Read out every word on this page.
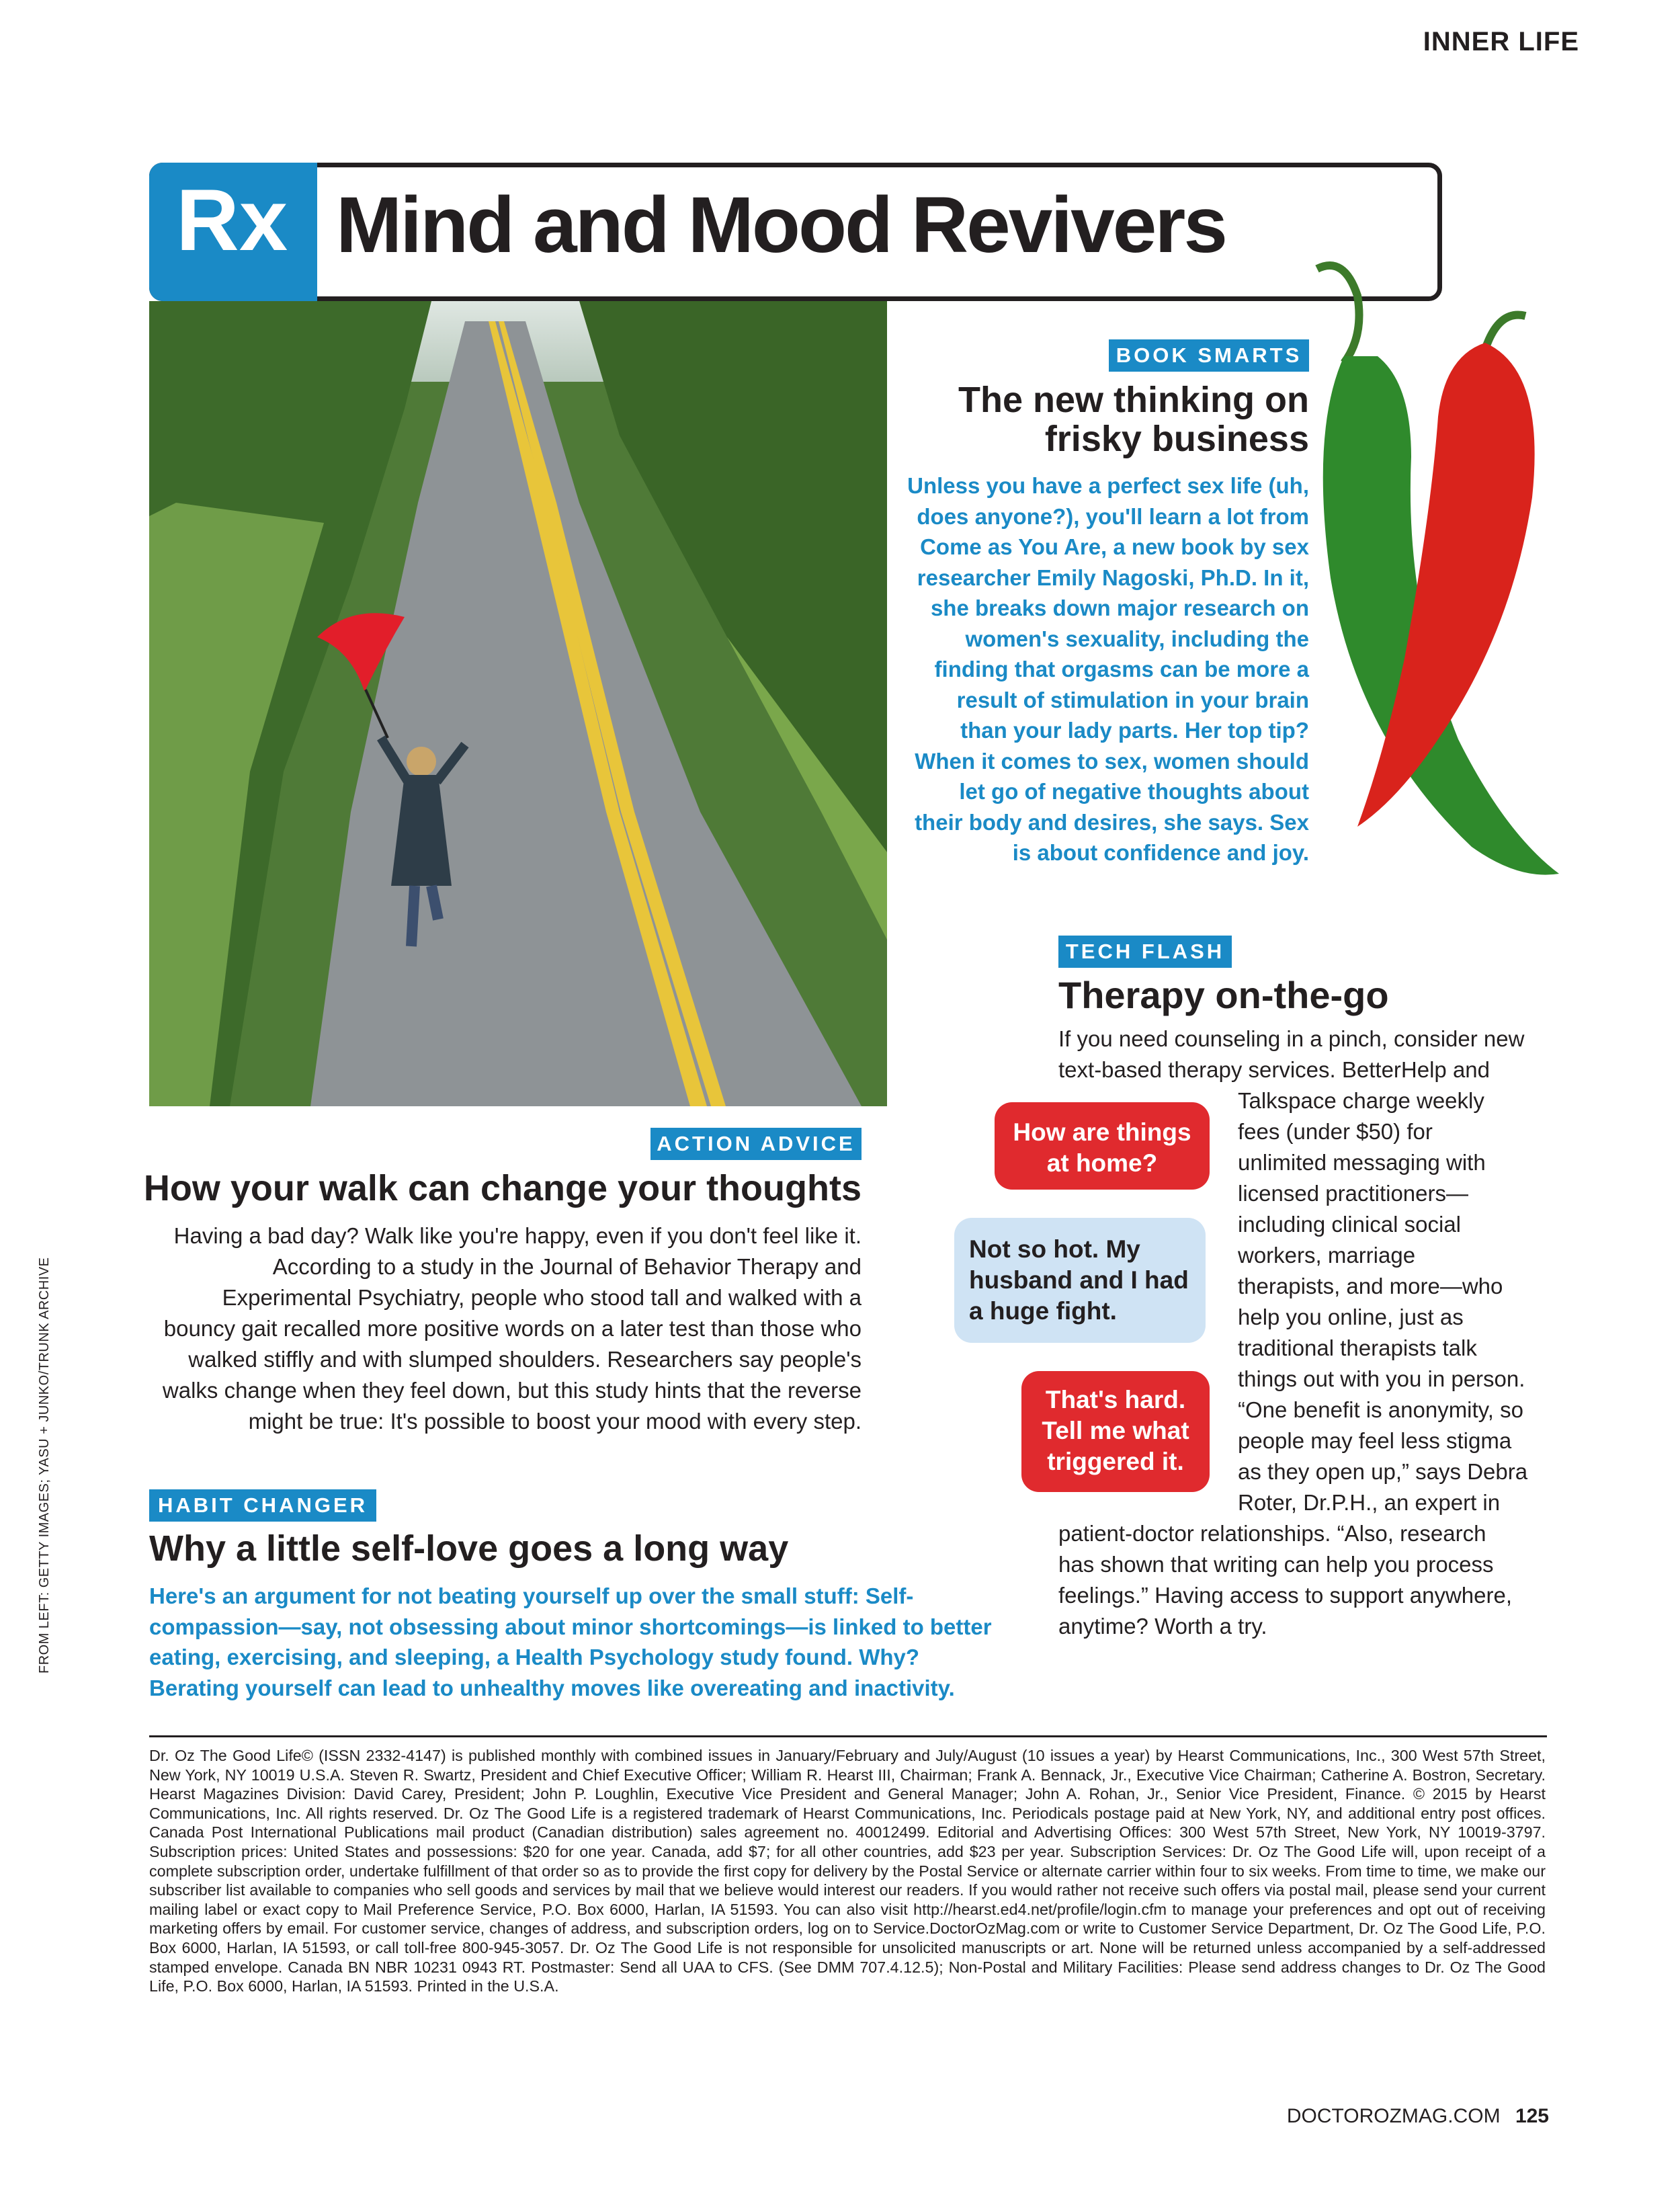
INNER LIFE
Rx Mind and Mood Revivers
BOOK SMARTS
The new thinking on
frisky business
Unless you have a perfect sex life (uh,
does anyone?), you'll learn a lot from
Come as You Are, a new book by sex
researcher Emily Nagoski, Ph.D. In it,
she breaks down major research on
women's sexuality, including the
finding that orgasms can be more a
result of stimulation in your brain
than your lady parts. Her top tip?
When it comes to sex, women should
let go of negative thoughts about
their body and desires, she says. Sex
is about confidence and joy.
TECH FLASH
Therapy on-the-go
If you need counseling in a pinch, consider new
text-based therapy services. BetterHelp and
Talkspace charge weekly
fees (under $50) for
unlimited messaging with
licensed practitioners—
including clinical social
workers, marriage
therapists, and more—who
help you online, just as
traditional therapists talk
things out with you in person.
“One benefit is anonymity, so
people may feel less stigma
as they open up,” says Debra
Roter, Dr.P.H., an expert in
patient-doctor relationships. “Also, research
has shown that writing can help you process
feelings.” Having access to support anywhere,
anytime? Worth a try.
How are things
at home?
Not so hot. My
husband and I had
a huge fight.
That's hard.
Tell me what
triggered it.
ACTION ADVICE
How your walk can change your thoughts
Having a bad day? Walk like you're happy, even if you don't feel like it.
According to a study in the Journal of Behavior Therapy and
Experimental Psychiatry, people who stood tall and walked with a
bouncy gait recalled more positive words on a later test than those who
walked stiffly and with slumped shoulders. Researchers say people's
walks change when they feel down, but this study hints that the reverse
might be true: It's possible to boost your mood with every step.
HABIT CHANGER
Why a little self-love goes a long way
Here's an argument for not beating yourself up over the small stuff: Self-
compassion—say, not obsessing about minor shortcomings—is linked to better
eating, exercising, and sleeping, a Health Psychology study found. Why?
Berating yourself can lead to unhealthy moves like overeating and inactivity.
Dr. Oz The Good Life© (ISSN 2332-4147) is published monthly with combined issues in January/February and July/August (10 issues a year) by Hearst Communications, Inc., 300 West 57th Street, New York, NY 10019 U.S.A. Steven R. Swartz, President and Chief Executive Officer; William R. Hearst III, Chairman; Frank A. Bennack, Jr., Executive Vice Chairman; Catherine A. Bostron, Secretary. Hearst Magazines Division: David Carey, President; John P. Loughlin, Executive Vice President and General Manager; John A. Rohan, Jr., Senior Vice President, Finance. © 2015 by Hearst Communications, Inc. All rights reserved. Dr. Oz The Good Life is a registered trademark of Hearst Communications, Inc. Periodicals postage paid at New York, NY, and additional entry post offices. Canada Post International Publications mail product (Canadian distribution) sales agreement no. 40012499. Editorial and Advertising Offices: 300 West 57th Street, New York, NY 10019-3797. Subscription prices: United States and possessions: $20 for one year. Canada, add $7; for all other countries, add $23 per year. Subscription Services: Dr. Oz The Good Life will, upon receipt of a complete subscription order, undertake fulfillment of that order so as to provide the first copy for delivery by the Postal Service or alternate carrier within four to six weeks. From time to time, we make our subscriber list available to companies who sell goods and services by mail that we believe would interest our readers. If you would rather not receive such offers via postal mail, please send your current mailing label or exact copy to Mail Preference Service, P.O. Box 6000, Harlan, IA 51593. You can also visit http://hearst.ed4.net/profile/login.cfm to manage your preferences and opt out of receiving marketing offers by email. For customer service, changes of address, and subscription orders, log on to Service.DoctorOzMag.com or write to Customer Service Department, Dr. Oz The Good Life, P.O. Box 6000, Harlan, IA 51593, or call toll-free 800-945-3057. Dr. Oz The Good Life is not responsible for unsolicited manuscripts or art. None will be returned unless accompanied by a self-addressed stamped envelope. Canada BN NBR 10231 0943 RT. Postmaster: Send all UAA to CFS. (See DMM 707.4.12.5); Non-Postal and Military Facilities: Please send address changes to Dr. Oz The Good Life, P.O. Box 6000, Harlan, IA 51593. Printed in the U.S.A.
FROM LEFT: GETTY IMAGES; YASU + JUNKO/TRUNK ARCHIVE
DOCTOROZMAG.COM 125
